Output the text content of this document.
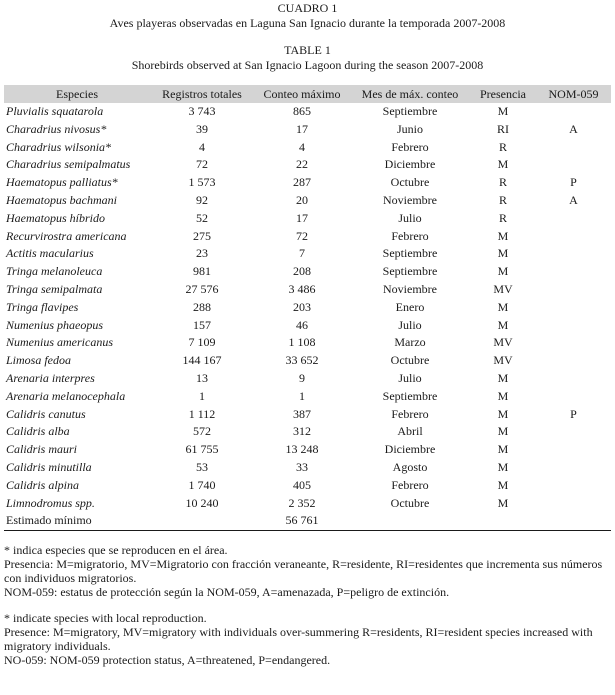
CUADRO 1
Aves playeras observadas en Laguna San Ignacio durante la temporada 2007-2008
TABLE 1
Shorebirds observed at San Ignacio Lagoon during the season 2007-2008
Especies	Registros totales	Conteo máximo	Mes de máx. conteo	Presencia	NOM-059
Pluvialis squatarola	3 743	865	Septiembre	M	
Charadrius nivosus*	39	17	Junio	RI	A
Charadrius wilsonia*	4	4	Febrero	R	
Charadrius semipalmatus	72	22	Diciembre	M	
Haematopus palliatus*	1 573	287	Octubre	R	P
Haematopus bachmani	92	20	Noviembre	R	A
Haematopus híbrido	52	17	Julio	R	
Recurvirostra americana	275	72	Febrero	M	
Actitis macularius	23	7	Septiembre	M	
Tringa melanoleuca	981	208	Septiembre	M	
Tringa semipalmata	27 576	3 486	Noviembre	MV	
Tringa flavipes	288	203	Enero	M	
Numenius phaeopus	157	46	Julio	M	
Numenius americanus	7 109	1 108	Marzo	MV	
Limosa fedoa	144 167	33 652	Octubre	MV	
Arenaria interpres	13	9	Julio	M	
Arenaria melanocephala	1	1	Septiembre	M	
Calidris canutus	1 112	387	Febrero	M	P
Calidris alba	572	312	Abril	M	
Calidris mauri	61 755	13 248	Diciembre	M	
Calidris minutilla	53	33	Agosto	M	
Calidris alpina	1 740	405	Febrero	M	
Limnodromus spp.	10 240	2 352	Octubre	M	
Estimado mínimo		56 761			

* indica especies que se reproducen en el área.

Presencia: M=migratorio, MV=Migratorio con fracción veraneante, R=residente, RI=residentes que incrementa sus números con individuos migratorios.

NOM-059: estatus de protección según la NOM-059, A=amenazada, P=peligro de extinción.

* indicate species with local reproduction.

Presence: M=migratory, MV=migratory with individuals over-summering R=residents, RI=resident species increased with migratory individuals.

NO-059: NOM-059 protection status, A=threatened, P=endangered.
